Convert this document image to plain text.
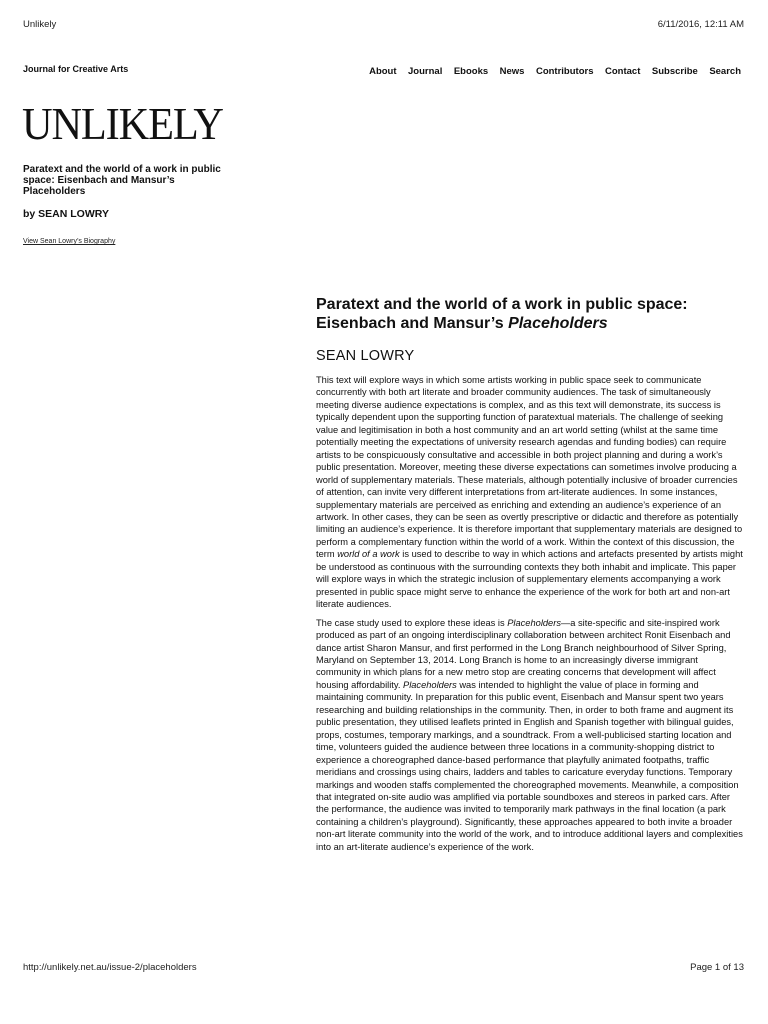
Unlikely	6/11/2016, 12:11 AM
Journal for Creative Arts	About Journal Ebooks News Contributors Contact Subscribe Search
UNLIKELY
Paratext and the world of a work in public space: Eisenbach and Mansur’s Placeholders
by SEAN LOWRY
View Sean Lowry’s Biography
Paratext and the world of a work in public space: Eisenbach and Mansur’s Placeholders
SEAN LOWRY

This text will explore ways in which some artists working in public space seek to communicate concurrently with both art literate and broader community audiences. The task of simultaneously meeting diverse audience expectations is complex, and as this text will demonstrate, its success is typically dependent upon the supporting function of paratextual materials. The challenge of seeking value and legitimisation in both a host community and an art world setting (whilst at the same time potentially meeting the expectations of university research agendas and funding bodies) can require artists to be conspicuously consultative and accessible in both project planning and during a work’s public presentation. Moreover, meeting these diverse expectations can sometimes involve producing a world of supplementary materials. These materials, although potentially inclusive of broader currencies of attention, can invite very different interpretations from art-literate audiences. In some instances, supplementary materials are perceived as enriching and extending an audience’s experience of an artwork. In other cases, they can be seen as overtly prescriptive or didactic and therefore as potentially limiting an audience’s experience. It is therefore important that supplementary materials are designed to perform a complementary function within the world of a work. Within the context of this discussion, the term world of a work is used to describe to way in which actions and artefacts presented by artists might be understood as continuous with the surrounding contexts they both inhabit and implicate. This paper will explore ways in which the strategic inclusion of supplementary elements accompanying a work presented in public space might serve to enhance the experience of the work for both art and non-art literate audiences.

The case study used to explore these ideas is Placeholders—a site-specific and site-inspired work produced as part of an ongoing interdisciplinary collaboration between architect Ronit Eisenbach and dance artist Sharon Mansur, and first performed in the Long Branch neighbourhood of Silver Spring, Maryland on September 13, 2014. Long Branch is home to an increasingly diverse immigrant community in which plans for a new metro stop are creating concerns that development will affect housing affordability. Placeholders was intended to highlight the value of place in forming and maintaining community. In preparation for this public event, Eisenbach and Mansur spent two years researching and building relationships in the community. Then, in order to both frame and augment its public presentation, they utilised leaflets printed in English and Spanish together with bilingual guides, props, costumes, temporary markings, and a soundtrack. From a well-publicised starting location and time, volunteers guided the audience between three locations in a community-shopping district to experience a choreographed dance-based performance that playfully animated footpaths, traffic meridians and crossings using chairs, ladders and tables to caricature everyday functions. Temporary markings and wooden staffs complemented the choreographed movements. Meanwhile, a composition that integrated on-site audio was amplified via portable soundboxes and stereos in parked cars. After the performance, the audience was invited to temporarily mark pathways in the final location (a park containing a children’s playground). Significantly, these approaches appeared to both invite a broader non-art literate community into the world of the work, and to introduce additional layers and complexities into an art-literate audience’s experience of the work.

http://unlikely.net.au/issue-2/placeholders	Page 1 of 13
